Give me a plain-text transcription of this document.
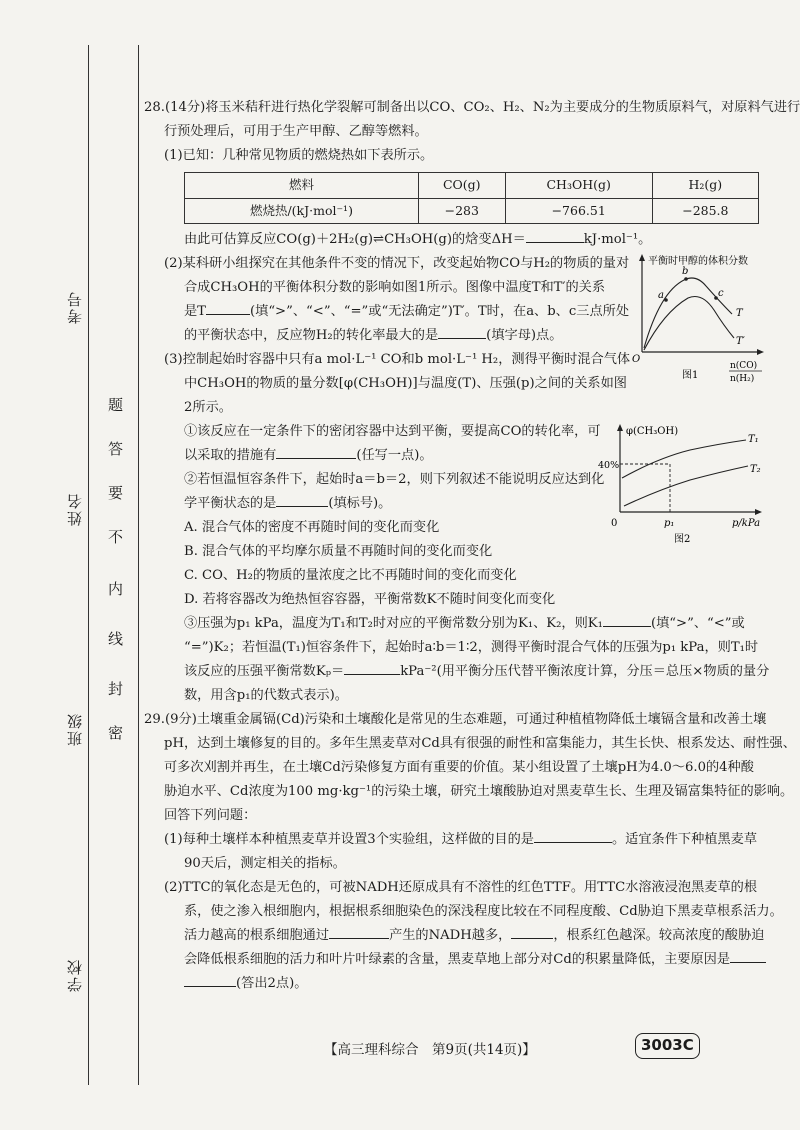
考号
姓名
班级
学校
题
答
要
不
内
线
封
密
28.(14分)将玉米秸秆进行热化学裂解可制备出以CO、CO₂、H₂、N₂为主要成分的生物质原料气，对原料气进行
行预处理后，可用于生产甲醇、乙醇等燃料。
(1)已知：几种常见物质的燃烧热如下表所示。
燃料	CO(g)	CH₃OH(g)	H₂(g)
燃烧热/(kJ·mol⁻¹)	−283	−766.51	−285.8
由此可估算反应CO(g)＋2H₂(g)⇌CH₃OH(g)的焓变ΔH＝	kJ·mol⁻¹。
(2)某科研小组探究在其他条件不变的情况下，改变起始物CO与H₂的物质的量对
合成CH₃OH的平衡体积分数的影响如图1所示。图像中温度T和T′的关系
是T	(填“>”、“<”、“=”或“无法确定”)T′。T时，在a、b、c三点所处
的平衡状态中，反应物H₂的转化率最大的是	(填字母)点。
(3)控制起始时容器中只有a mol·L⁻¹ CO和b mol·L⁻¹ H₂，测得平衡时混合气体
中CH₃OH的物质的量分数[φ(CH₃OH)]与温度(T)、压强(p)之间的关系如图
2所示。
①该反应在一定条件下的密闭容器中达到平衡，要提高CO的转化率，可
以采取的措施有	(任写一点)。
②若恒温恒容条件下，起始时a＝b＝2，则下列叙述不能说明反应达到化
学平衡状态的是	(填标号)。
A. 混合气体的密度不再随时间的变化而变化
B. 混合气体的平均摩尔质量不再随时间的变化而变化
C. CO、H₂的物质的量浓度之比不再随时间的变化而变化
D. 若将容器改为绝热恒容容器，平衡常数K不随时间变化而变化
③压强为p₁ kPa，温度为T₁和T₂时对应的平衡常数分别为K₁、K₂，则K₁	(填“>”、“<”或
“=”)K₂；若恒温(T₁)恒容条件下，起始时a∶b＝1∶2，测得平衡时混合气体的压强为p₁ kPa，则T₁时
该反应的压强平衡常数Kₚ＝	kPa⁻²(用平衡分压代替平衡浓度计算，分压＝总压×物质的量分
数，用含p₁的代数式表示)。
29.(9分)土壤重金属镉(Cd)污染和土壤酸化是常见的生态难题，可通过种植植物降低土壤镉含量和改善土壤
pH，达到土壤修复的目的。多年生黑麦草对Cd具有很强的耐性和富集能力，其生长快、根系发达、耐性强、
可多次刈割并再生，在土壤Cd污染修复方面有重要的价值。某小组设置了土壤pH为4.0～6.0的4种酸
胁迫水平、Cd浓度为100 mg·kg⁻¹的污染土壤，研究土壤酸胁迫对黑麦草生长、生理及镉富集特征的影响。
回答下列问题：
(1)每种土壤样本种植黑麦草并设置3个实验组，这样做的目的是	。适宜条件下种植黑麦草
90天后，测定相关的指标。
(2)TTC的氧化态是无色的，可被NADH还原成具有不溶性的红色TTF。用TTC水溶液浸泡黑麦草的根
系，使之渗入根细胞内，根据根系细胞染色的深浅程度比较在不同程度酸、Cd胁迫下黑麦草根系活力。
活力越高的根系细胞通过	产生的NADH越多，	，根系红色越深。较高浓度的酸胁迫
会降低根系细胞的活力和叶片叶绿素的含量，黑麦草地上部分对Cd的积累量降低，主要原因是
(答出2点)。
平衡时甲醇的体积分数
a
b
c
T
T′
O
n(CO)
n(H₂)
图1
φ(CH₃OH)
40%
0	p₁	p/kPa
T₁
T₂
图2
【高三理科综合　第9页(共14页)】	3003C
